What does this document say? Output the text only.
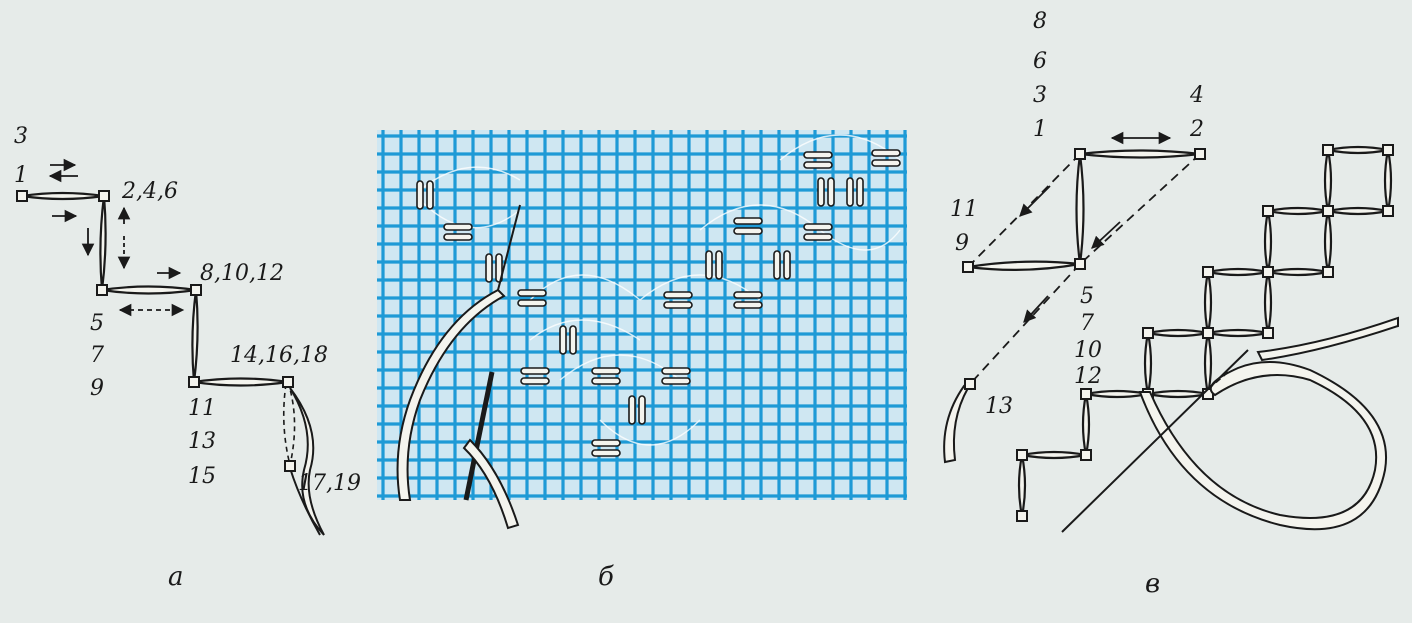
3
1
2,4,6
8,10,12
5
7
9
14,16,18
11
13
15	17,19
а	б
8
6
3
1
4
2
11
9
5
7
10
12
13
в
